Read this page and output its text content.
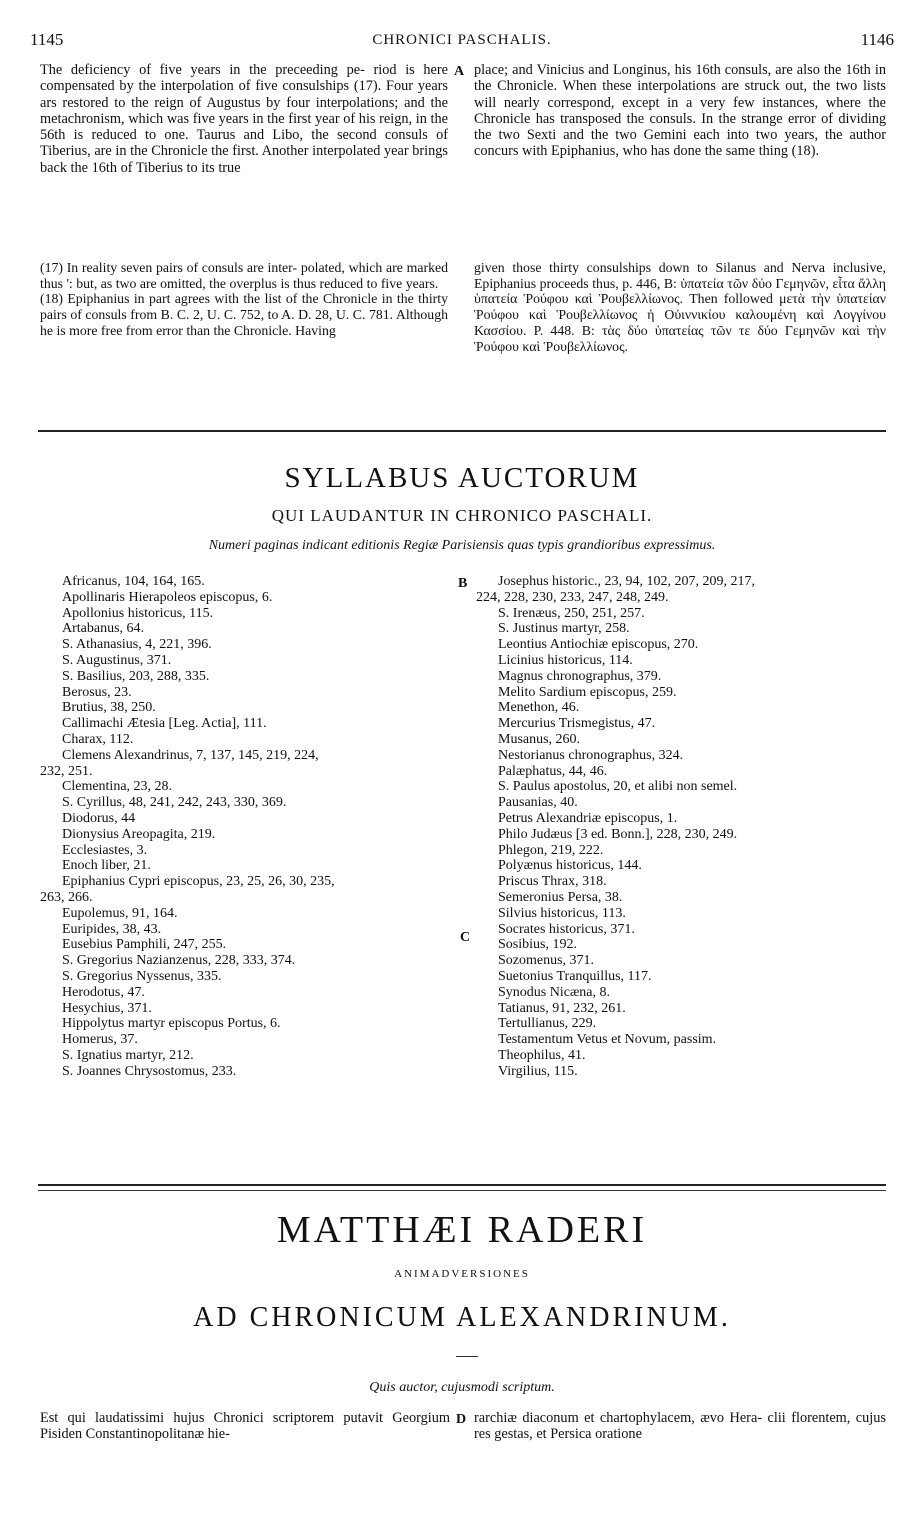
1145	CHRONICI PASCHALIS.	1146

The deficiency of five years in the preceeding pe- riod is here compensated by the interpolation of five consulships (17). Four years ars restored to the reign of Augustus by four interpolations; and the metachronism, which was five years in the first year of his reign, in the 56th is reduced to one. Taurus and Libo, the second consuls of Tiberius, are in the Chronicle the first. Another interpolated year brings back the 16th of Tiberius to its true

A place; and Vinicius and Longinus, his 16th consuls, are also the 16th in the Chronicle. When these interpolations are struck out, the two lists will nearly correspond, except in a very few instances, where the Chronicle has transposed the consuls. In the strange error of dividing the two Sexti and the two Gemini each into two years, the author concurs with Epiphanius, who has done the same thing (18).

(17) In reality seven pairs of consuls are inter- polated, which are marked thus ': but, as two are omitted, the overplus is thus reduced to five years.

(18) Epiphanius in part agrees with the list of the Chronicle in the thirty pairs of consuls from B. C. 2, U. C. 752, to A. D. 28, U. C. 781. Although he is more free from error than the Chronicle. Having

given those thirty consulships down to Silanus and Nerva inclusive, Epiphanius proceeds thus, p. 446, B: ὑπατεία τῶν δύο Γεμηνῶν, εἶτα ἄλλη ὑπατεία Ῥούφου καὶ Ῥουβελλίωνος. Then followed μετὰ τὴν ὑπατείαν Ῥούφου καὶ Ῥουβελλίωνος ἡ Οὐιννικίου καλουμένη καὶ Λογγίνου Κασσίου. P. 448. B: τὰς δύο ὑπατείας τῶν τε δύο Γεμηνῶν καὶ τὴν Ῥούφου καὶ Ῥουβελλίωνος.

SYLLABUS AUCTORUM
QUI LAUDANTUR IN CHRONICO PASCHALI.
Numeri paginas indicant editionis Regiæ Parisiensis quas typis grandioribus expressimus.
Africanus, 104, 164, 165.
Apollinaris Hierapoleos episcopus, 6.
Apollonius historicus, 115.
Artabanus, 64.
S. Athanasius, 4, 221, 396.
S. Augustinus, 371.
S. Basilius, 203, 288, 335.
Berosus, 23.
Brutius, 38, 250.
Callimachi Ætesia [Leg. Actia], 111.
Charax, 112.
Clemens Alexandrinus, 7, 137, 145, 219, 224,
232, 251.
Clementina, 23, 28.
S. Cyrillus, 48, 241, 242, 243, 330, 369.
Diodorus, 44
Dionysius Areopagita, 219.
Ecclesiastes, 3.
Enoch liber, 21.
Epiphanius Cypri episcopus, 23, 25, 26, 30, 235,
263, 266.
Eupolemus, 91, 164.
Euripides, 38, 43.
Eusebius Pamphili, 247, 255.
S. Gregorius Nazianzenus, 228, 333, 374.
S. Gregorius Nyssenus, 335.
Herodotus, 47.
Hesychius, 371.
Hippolytus martyr episcopus Portus, 6.
Homerus, 37.
S. Ignatius martyr, 212.
S. Joannes Chrysostomus, 233.
B
C
Josephus historic., 23, 94, 102, 207, 209, 217,
224, 228, 230, 233, 247, 248, 249.
S. Irenæus, 250, 251, 257.
S. Justinus martyr, 258.
Leontius Antiochiæ episcopus, 270.
Licinius historicus, 114.
Magnus chronographus, 379.
Melito Sardium episcopus, 259.
Menethon, 46.
Mercurius Trismegistus, 47.
Musanus, 260.
Nestorianus chronographus, 324.
Palæphatus, 44, 46.
S. Paulus apostolus, 20, et alibi non semel.
Pausanias, 40.
Petrus Alexandriæ episcopus, 1.
Philo Judæus [3 ed. Bonn.], 228, 230, 249.
Phlegon, 219, 222.
Polyænus historicus, 144.
Priscus Thrax, 318.
Semeronius Persa, 38.
Silvius historicus, 113.
Socrates historicus, 371.
Sosibius, 192.
Sozomenus, 371.
Suetonius Tranquillus, 117.
Synodus Nicæna, 8.
Tatianus, 91, 232, 261.
Tertullianus, 229.
Testamentum Vetus et Novum, passim.
Theophilus, 41.
Virgilius, 115.
MATTHÆI RADERI
ANIMADVERSIONES
AD CHRONICUM ALEXANDRINUM.
Quis auctor, cujusmodi scriptum.
Est qui laudatissimi hujus Chronici scriptorem putavit Georgium Pisiden Constantinopolitanæ hie-
D rarchiæ diaconum et chartophylacem, ævo Hera- clii florentem, cujus res gestas, et Persica oratione
